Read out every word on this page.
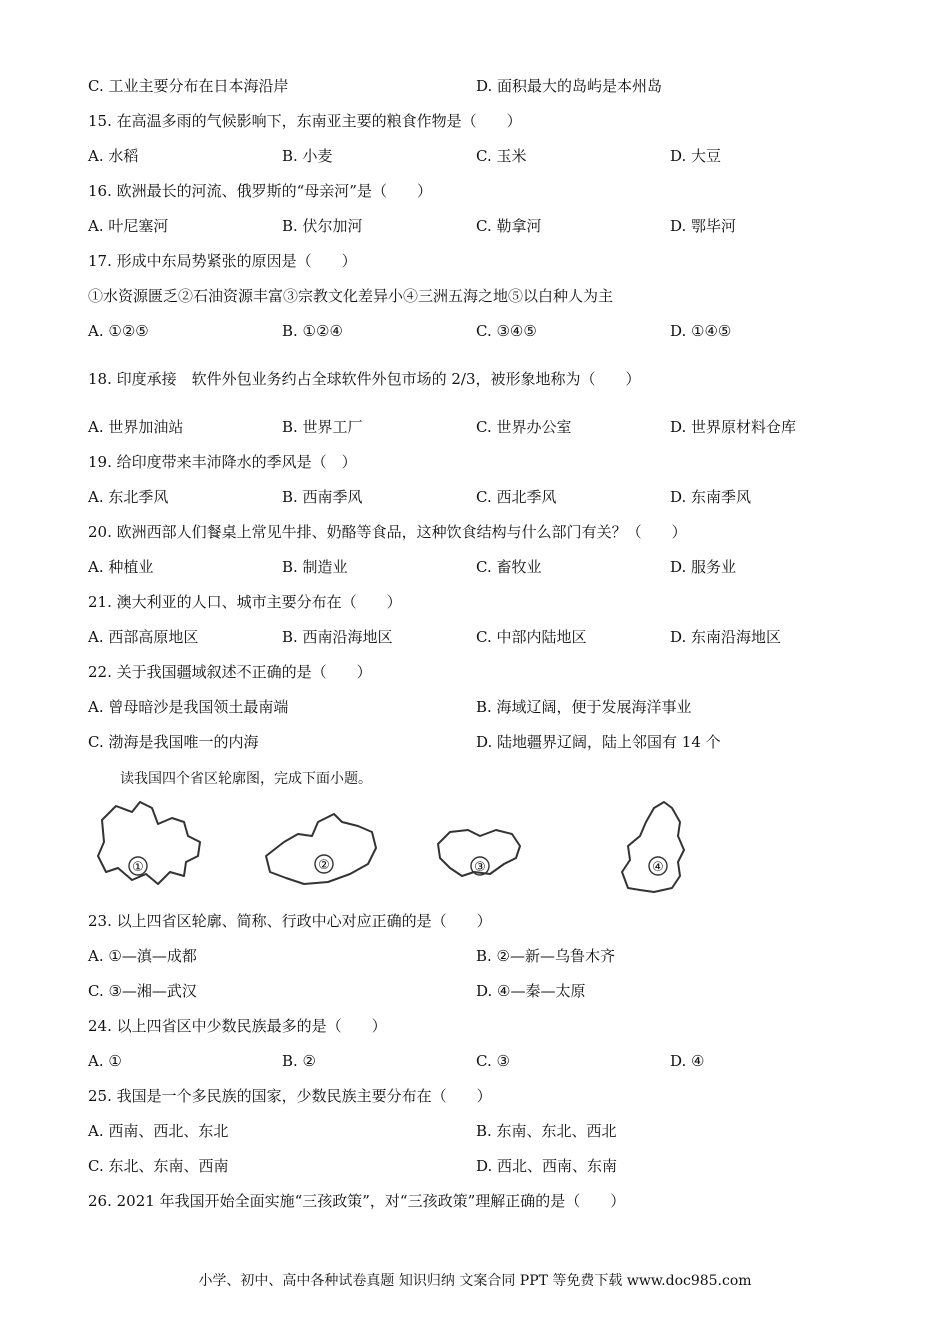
C. 工业主要分布在日本海沿岸	D. 面积最大的岛屿是本州岛
15. 在高温多雨的气候影响下，东南亚主要的粮食作物是（　　）
A. 水稻	B. 小麦	C. 玉米	D. 大豆
16. 欧洲最长的河流、俄罗斯的“母亲河”是（　　）
A. 叶尼塞河	B. 伏尔加河	C. 勒拿河	D. 鄂毕河
17. 形成中东局势紧张的原因是（　　）
①水资源匮乏②石油资源丰富③宗教文化差异小④三洲五海之地⑤以白种人为主
A. ①②⑤	B. ①②④	C. ③④⑤	D. ①④⑤
18. 印度承接　软件外包业务约占全球软件外包市场的 2/3，被形象地称为（　　）
A. 世界加油站	B. 世界工厂	C. 世界办公室	D. 世界原材料仓库
19. 给印度带来丰沛降水的季风是（　）
A. 东北季风	B. 西南季风	C. 西北季风	D. 东南季风
20. 欧洲西部人们餐桌上常见牛排、奶酪等食品，这种饮食结构与什么部门有关？（　　）
A. 种植业	B. 制造业	C. 畜牧业	D. 服务业
21. 澳大利亚的人口、城市主要分布在（　　）
A. 西部高原地区	B. 西南沿海地区	C. 中部内陆地区	D. 东南沿海地区
22. 关于我国疆域叙述不正确的是（　　）
A. 曾母暗沙是我国领土最南端	B. 海域辽阔，便于发展海洋事业
C. 渤海是我国唯一的内海	D. 陆地疆界辽阔，陆上邻国有 14 个
读我国四个省区轮廓图，完成下面小题。
①	②	③	④
23. 以上四省区轮廓、简称、行政中心对应正确的是（　　）
A. ①—滇—成都	B. ②—新—乌鲁木齐
C. ③—湘—武汉	D. ④—秦—太原
24. 以上四省区中少数民族最多的是（　　）
A. ①	B. ②	C. ③	D. ④
25. 我国是一个多民族的国家，少数民族主要分布在（　　）
A. 西南、西北、东北	B. 东南、东北、西北
C. 东北、东南、西南	D. 西北、西南、东南
26. 2021 年我国开始全面实施“三孩政策”，对“三孩政策”理解正确的是（　　）
小学、初中、高中各种试卷真题 知识归纳 文案合同 PPT 等免费下载 www.doc985.com
